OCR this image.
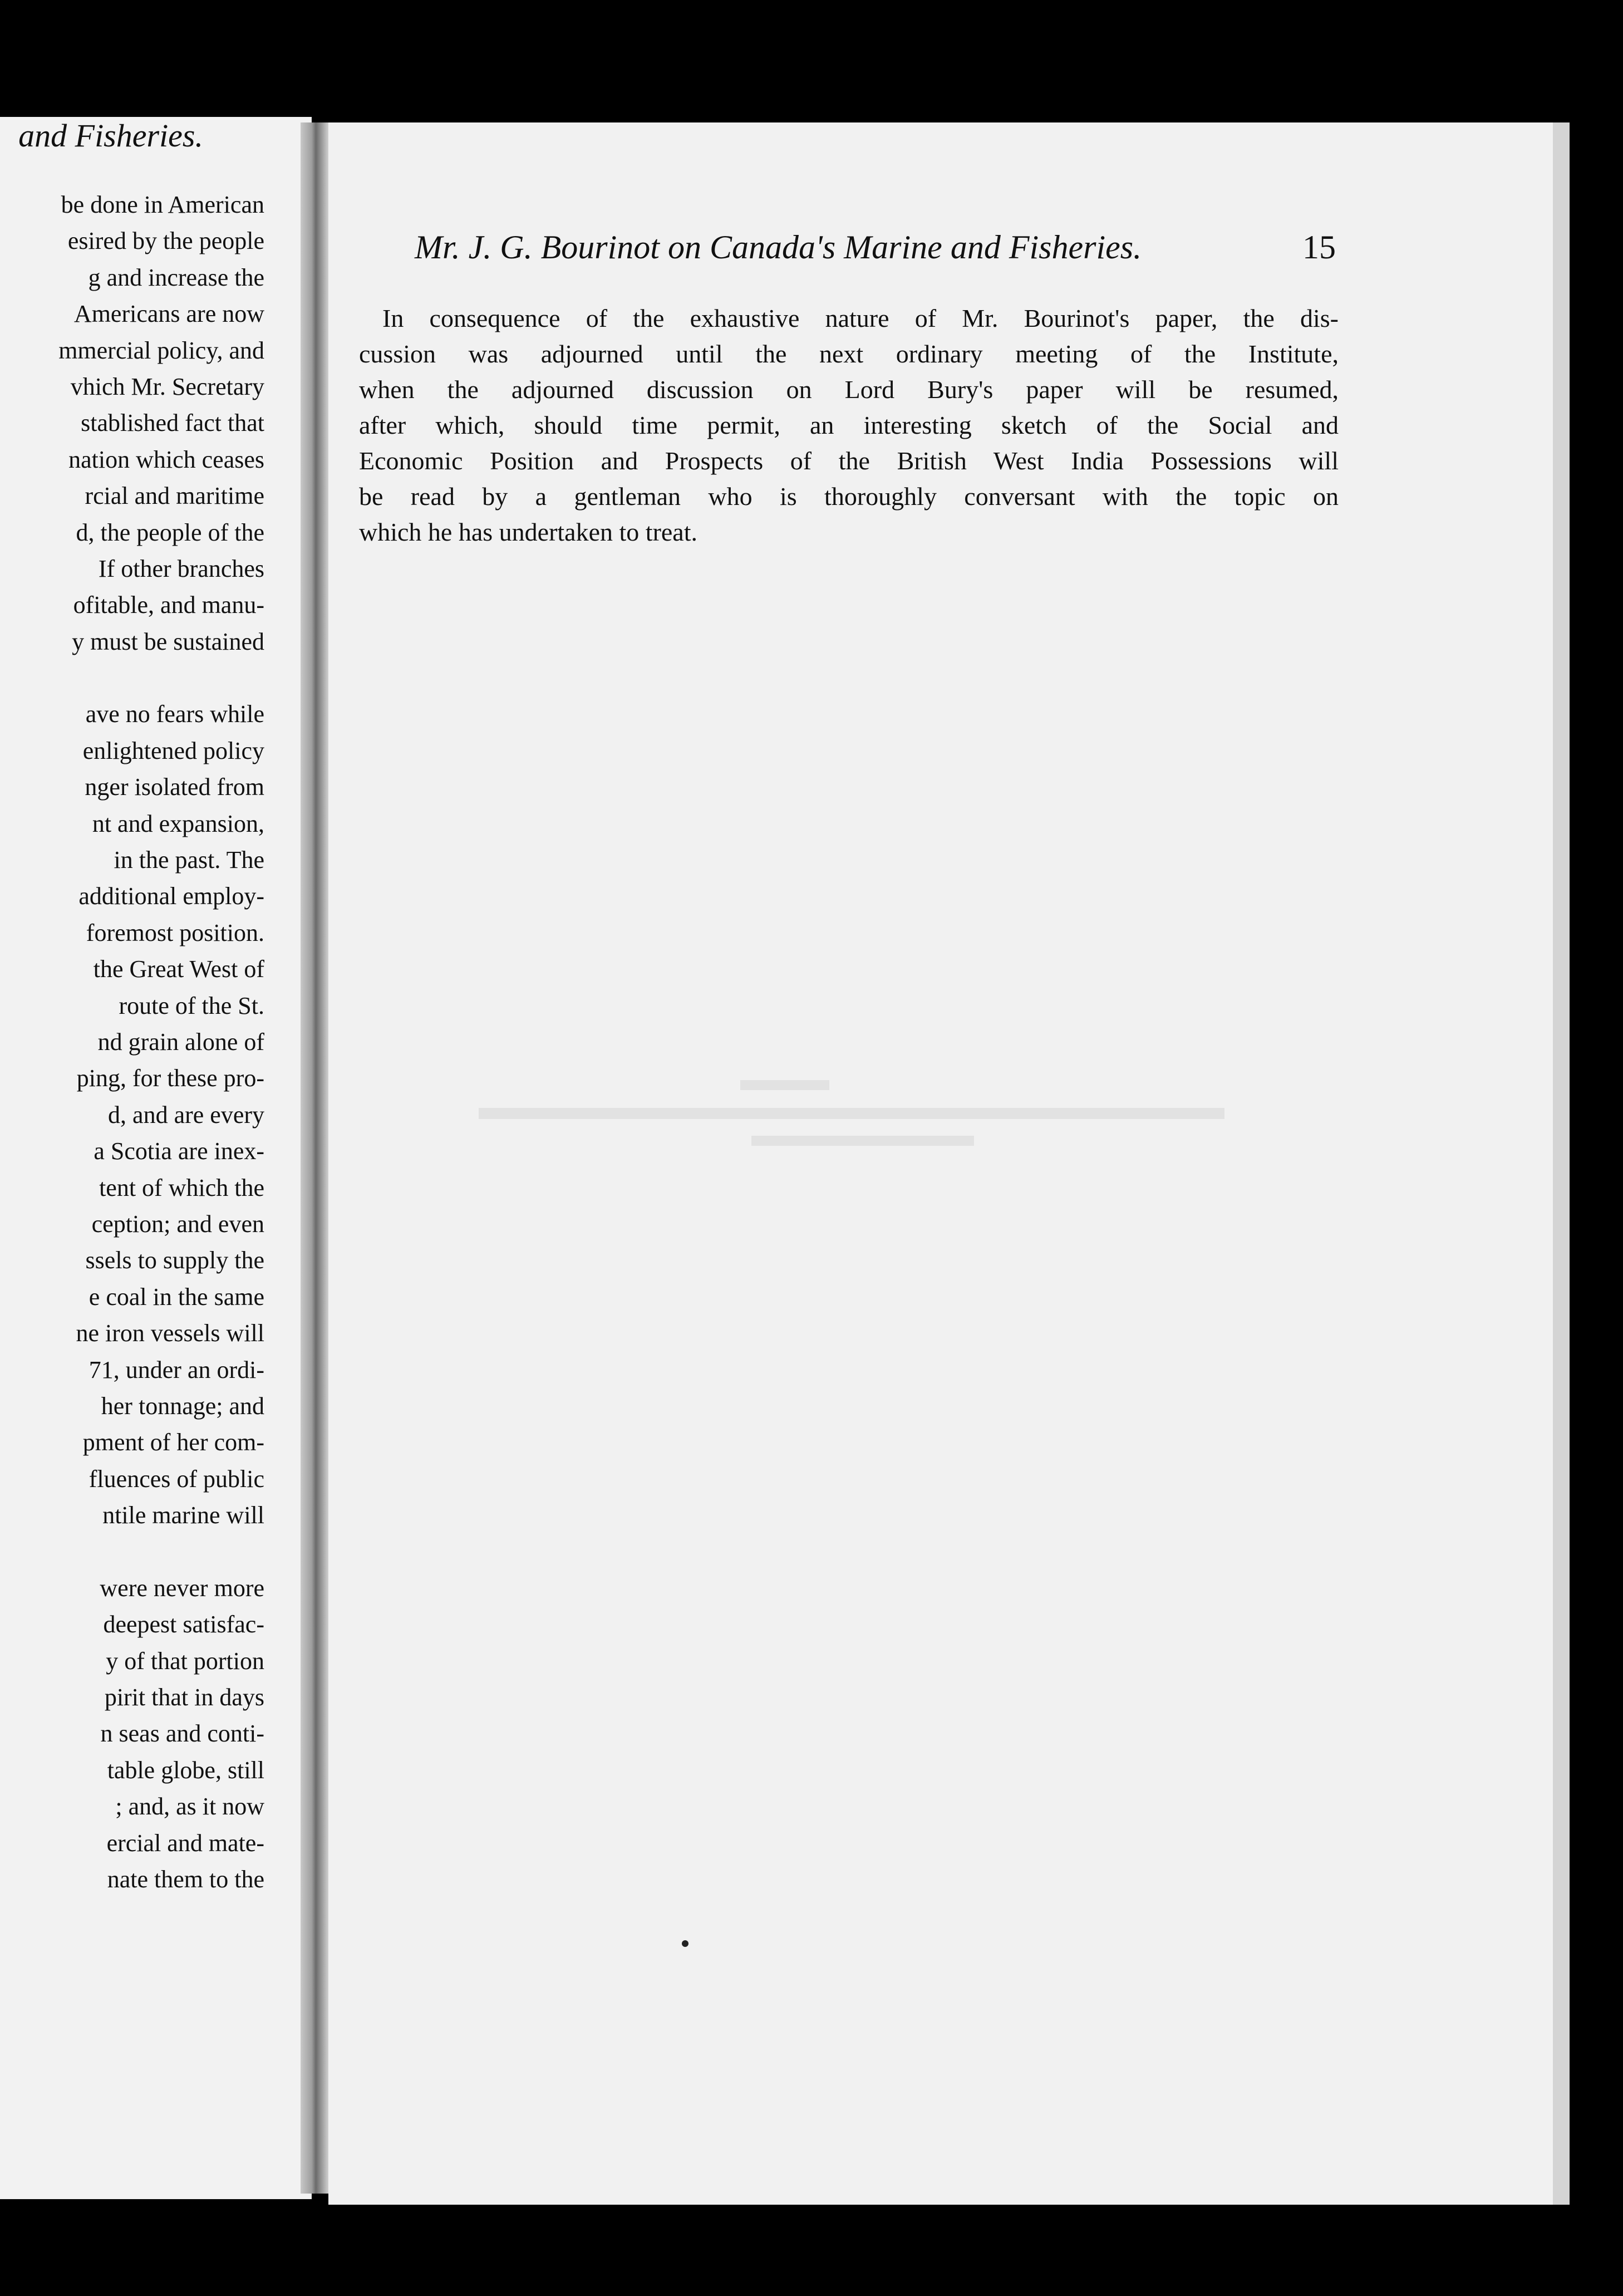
and Fisheries.
be done in American
esired by the people
g and increase the
Americans are now
mmercial policy, and
vhich Mr. Secretary
stablished fact that
nation which ceases
rcial and maritime
d, the people of the
If other branches
ofitable, and manu-
y must be sustained
ave no fears while
enlightened policy
nger isolated from
nt and expansion,
in the past. The
additional employ-
foremost position.
the Great West of
route of the St.
nd grain alone of
ping, for these pro-
d, and are every
a Scotia are inex-
tent of which the
ception; and even
ssels to supply the
e coal in the same
ne iron vessels will
71, under an ordi-
her tonnage; and
pment of her com-
fluences of public
ntile marine will
were never more
deepest satisfac-
y of that portion
pirit that in days
n seas and conti-
table globe, still
; and, as it now
ercial and mate-
nate them to the
Mr. J. G. Bourinot on Canada's Marine and Fisheries.	15
In consequence of the exhaustive nature of Mr. Bourinot's paper, the dis-
cussion was adjourned until the next ordinary meeting of the Institute,
when the adjourned discussion on Lord Bury's paper will be resumed,
after which, should time permit, an interesting sketch of the Social and
Economic Position and Prospects of the British West India Possessions will
be read by a gentleman who is thoroughly conversant with the topic on
which he has undertaken to treat.
